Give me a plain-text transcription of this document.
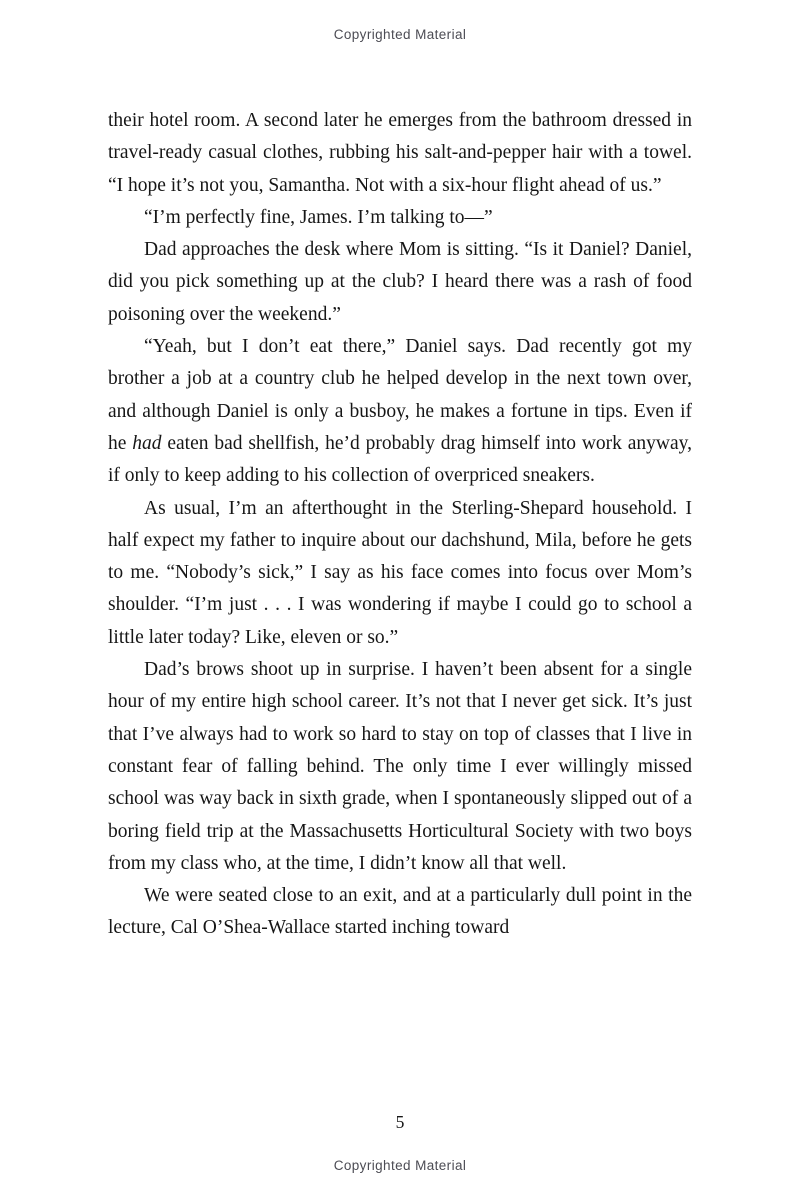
Copyrighted Material

their hotel room. A second later he emerges from the bathroom dressed in travel-ready casual clothes, rubbing his salt-and-pepper hair with a towel. “I hope it’s not you, Samantha. Not with a six-hour flight ahead of us.”

“I’m perfectly fine, James. I’m talking to—”

Dad approaches the desk where Mom is sitting. “Is it Daniel? Daniel, did you pick something up at the club? I heard there was a rash of food poisoning over the weekend.”

“Yeah, but I don’t eat there,” Daniel says. Dad recently got my brother a job at a country club he helped develop in the next town over, and although Daniel is only a busboy, he makes a fortune in tips. Even if he had eaten bad shellfish, he’d probably drag himself into work anyway, if only to keep adding to his collection of overpriced sneakers.

As usual, I’m an afterthought in the Sterling-Shepard household. I half expect my father to inquire about our dachshund, Mila, before he gets to me. “Nobody’s sick,” I say as his face comes into focus over Mom’s shoulder. “I’m just . . . I was wondering if maybe I could go to school a little later today? Like, eleven or so.”

Dad’s brows shoot up in surprise. I haven’t been absent for a single hour of my entire high school career. It’s not that I never get sick. It’s just that I’ve always had to work so hard to stay on top of classes that I live in constant fear of falling behind. The only time I ever willingly missed school was way back in sixth grade, when I spontaneously slipped out of a boring field trip at the Massachusetts Horticultural Society with two boys from my class who, at the time, I didn’t know all that well.

We were seated close to an exit, and at a particularly dull point in the lecture, Cal O’Shea-Wallace started inching toward

5
Copyrighted Material
